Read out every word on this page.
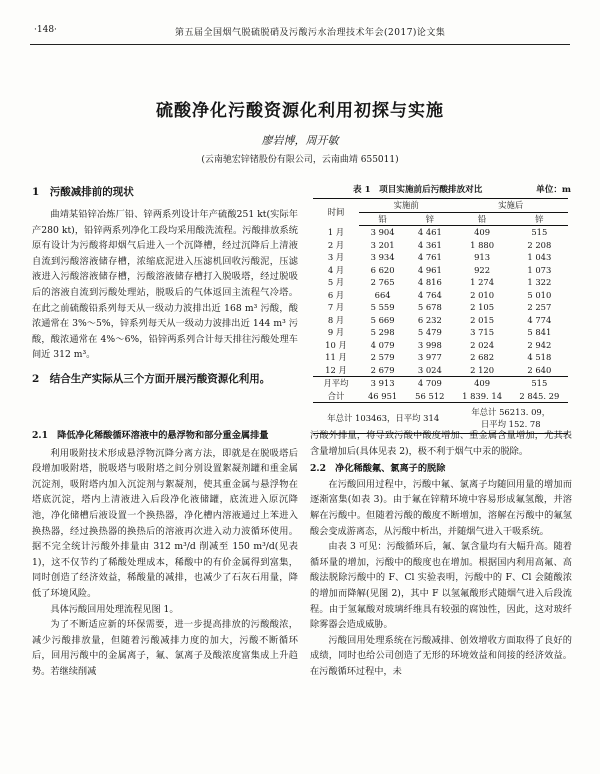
·148·	第五届全国烟气脱硫脱硝及污酸污水治理技术年会(2017)论文集
硫酸净化污酸资源化利用初探与实施
廖岩博，周开敏
(云南驰宏锌锗股份有限公司，云南曲靖 655011)
1　污酸减排前的现状

曲靖某铅锌冶炼厂铅、锌两系列设计年产硫酸251 kt(实际年产280 kt)，铅锌两系列净化工段均采用酸洗流程。污酸排放系统原有设计为污酸将却烟气后进入一个沉降槽，经过沉降后上清液自流到污酸溶液储存槽，浓缩底泥进入压滤机回收污酸泥，压滤液进入污酸溶液储存槽，污酸溶液储存槽打入脱吸塔，经过脱吸后的溶液自流到污酸处理站，脱吸后的气体返回主流程气冷塔。在此之前硫酸铅系列每天从一级动力波排出近 168 m³ 污酸，酸浓通常在 3%～5%，锌系列每天从一级动力波排出近 144 m³ 污酸，酸浓通常在 4%～6%，铅锌两系列合计每天排往污酸处理车间近 312 m³。

2　结合生产实际从三个方面开展污酸资源化利用。
表 1　项目实施前后污酸排放对比	单位：m
时间	实施前		实施后	
	铅	锌	铅	锌
1 月	3 904	4 461	409	515
2 月	3 201	4 361	1 880	2 208
3 月	3 934	4 761	913	1 043
4 月	6 620	4 961	922	1 073
5 月	2 765	4 816	1 274	1 322
6 月	664	4 764	2 010	5 010
7 月	5 559	5 678	2 105	2 257
8 月	5 669	6 232	2 015	4 774
9 月	5 298	5 479	3 715	5 841
10 月	4 079	3 998	2 024	2 942
11 月	2 579	3 977	2 682	4 518
12 月	2 679	3 024	2 120	2 640
月平均	3 913	4 709	409	515
合计	46 951	56 512	1 839. 14	2 845. 29
年总计 103463，日平均 314			年总计 56213. 09，
日平均 152. 78	
2.1　降低净化稀酸循环溶液中的悬浮物和部分重金属排量

利用吸附技术形成悬浮物沉降分离方法，即就是在脱吸塔后段增加吸附塔，脱吸塔与吸附塔之间分别设置絮凝剂罐和重金属沉淀剂，吸附塔内加入沉淀剂与絮凝剂，使其重金属与悬浮物在塔底沉淀，塔内上清液进入后段净化液储罐，底流进入原沉降池，净化储槽后液设置一个换热器，净化槽内溶液通过上苯进入换热器，经过换热器的换热后的溶液再次进入动力波循环使用。据不完全统计污酸外排量由 312 m³/d 削减至 150 m³/d(见表 1)，这不仅节约了稀酸处理成本，稀酸中的有价金属得到富集，同时创造了经济效益，稀酸量的减排，也减少了石灰石用量，降低了环境风险。

具体污酸回用处理流程见图 1。

为了不断适应新的环保需要，进一步提高排放的污酸酸浓，减少污酸排放量，但随着污酸减排力度的加大，污酸不断循环后，回用污酸中的金属离子，氟、氯离子及酸浓度富集成上升趋势。若继续削减

污酸外排量，将导致污酸中酸度增加、重金属含量增加，尤其表含量增加后(具体见表 2)，极不利于烟气中汞的脱除。

2.2　净化稀酸氟、氯离子的脱除

在污酸回用过程中，污酸中氟、氯离子均随回用量的增加而逐渐富集(如表 3)。由于氟在锌精环境中容易形成氟氢酸，并溶解在污酸中。但随着污酸的酸度不断增加，溶解在污酸中的氟氢酸会变成游离态，从污酸中析出，并随烟气进入干吸系统。

由表 3 可见：污酸循环后，氟、氯含量均有大幅升高。随着循环量的增加，污酸中的酸度也在增加。根据国内利用高氟、高酸法脱除污酸中的 F、Cl 实验表明，污酸中的 F、Cl 会随酸浓的增加而降解(见图 2)，其中 F 以氢氟酸形式随烟气进入后段流程。由于氢氟酸对玻璃纤维具有较强的腐蚀性，因此，这对玻纤除雾器会造成威胁。

污酸回用处理系统在污酸减排、创效增收方面取得了良好的成绩，同时也给公司创造了无形的环境效益和间接的经济效益。在污酸循环过程中，未
